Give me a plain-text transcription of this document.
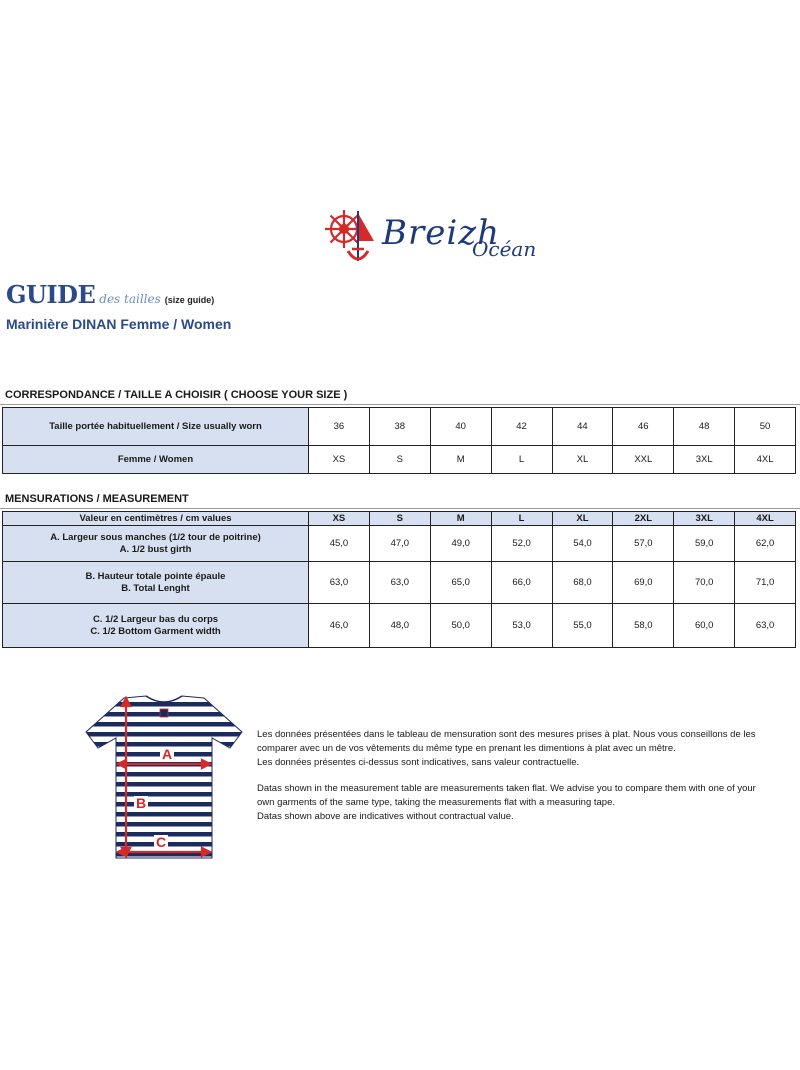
Breizh
Océan
GUIDE des tailles (size guide)
Marinière DINAN Femme / Women
CORRESPONDANCE / TAILLE A CHOISIR ( CHOOSE YOUR SIZE )
Taille portée habituellement / Size usually worn	36	38	40	42	44	46	48	50
Femme / Women	XS	S	M	L	XL	XXL	3XL	4XL
MENSURATIONS / MEASUREMENT
Valeur en centimètres / cm values	XS	S	M	L	XL	2XL	3XL	4XL

A. Largeur sous manches (1/2 tour de poitrine)
A. 1/2 bust girth	45,0	47,0	49,0	52,0	54,0	57,0	59,0	62,0

B. Hauteur totale pointe épaule
B. Total Lenght	63,0	63,0	65,0	66,0	68,0	69,0	70,0	71,0

C. 1/2 Largeur bas du corps
C. 1/2 Bottom Garment width	46,0	48,0	50,0	53,0	55,0	58,0	60,0	63,0
A
B
C

Les données présentées dans le tableau de mensuration sont des mesures prises à plat. Nous vous conseillons de les comparer avec un de vos vêtements du même type en prenant les dimentions à plat avec un mêtre.

Les données présentes ci-dessus sont indicatives, sans valeur contractuelle.

Datas shown in the measurement table are measurements taken flat. We advise you to compare them with one of your own garments of the same type, taking the measurements flat with a measuring tape.

Datas shown above are indicatives without contractual value.
